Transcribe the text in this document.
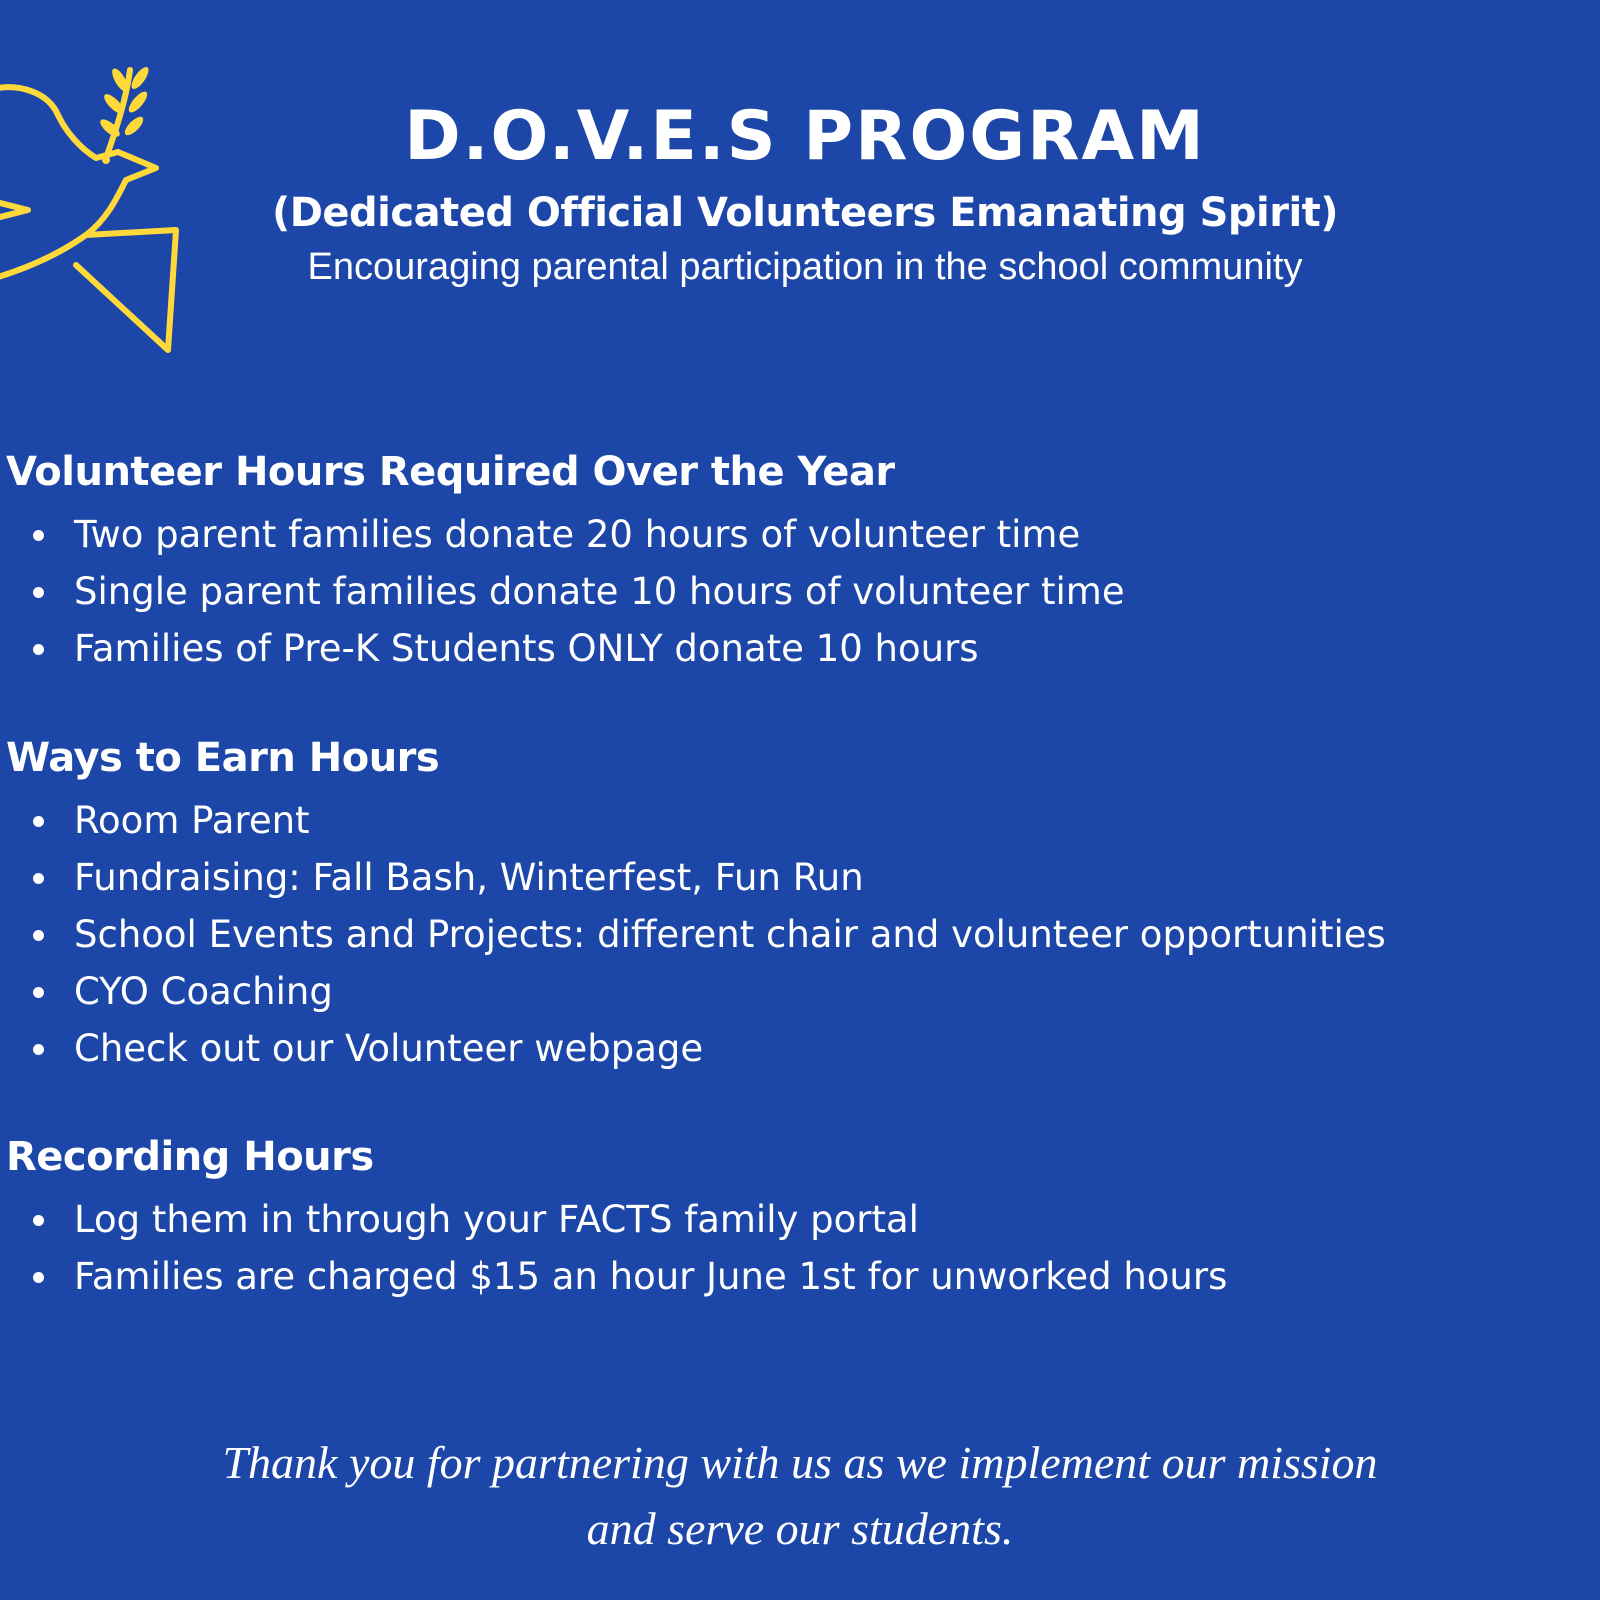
D.O.V.E.S PROGRAM
(Dedicated Official Volunteers Emanating Spirit)
Encouraging parental participation in the school community
Volunteer Hours Required Over the Year
Two parent families donate 20 hours of volunteer time
Single parent families donate 10 hours of volunteer time
Families of Pre-K Students ONLY donate 10 hours
Ways to Earn Hours
Room Parent
Fundraising: Fall Bash, Winterfest, Fun Run
School Events and Projects: different chair and volunteer opportunities
CYO Coaching
Check out our Volunteer webpage
Recording Hours
Log them in through your FACTS family portal
Families are charged $15 an hour June 1st for unworked hours
Thank you for partnering with us as we implement our mission
and serve our students.
